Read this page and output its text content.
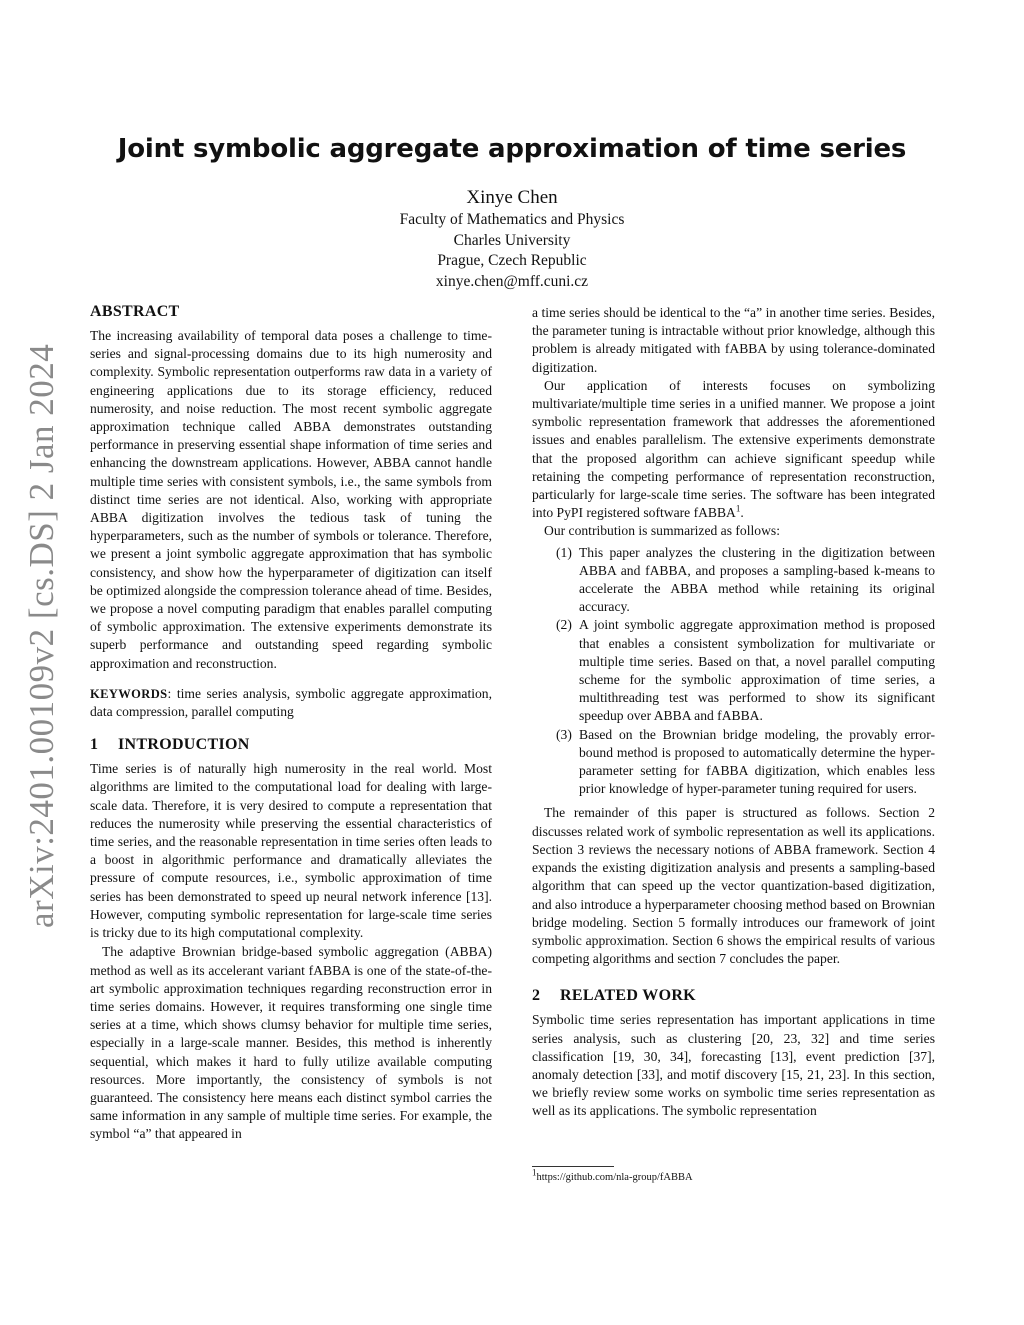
arXiv:2401.00109v2 [cs.DS] 2 Jan 2024
Joint symbolic aggregate approximation of time series
Xinye Chen
Faculty of Mathematics and Physics
Charles University
Prague, Czech Republic
xinye.chen@mff.cuni.cz
ABSTRACT

The increasing availability of temporal data poses a challenge to time-series and signal-processing domains due to its high numerosity and complexity. Symbolic representation outperforms raw data in a variety of engineering applications due to its storage efficiency, reduced numerosity, and noise reduction. The most recent symbolic aggregate approximation technique called ABBA demonstrates outstanding performance in preserving essential shape information of time series and enhancing the downstream applications. However, ABBA cannot handle multiple time series with consistent symbols, i.e., the same symbols from distinct time series are not identical. Also, working with appropriate ABBA digitization involves the tedious task of tuning the hyperparameters, such as the number of symbols or tolerance. Therefore, we present a joint symbolic aggregate approximation that has symbolic consistency, and show how the hyperparameter of digitization can itself be optimized alongside the compression tolerance ahead of time. Besides, we propose a novel computing paradigm that enables parallel computing of symbolic approximation. The extensive experiments demonstrate its superb performance and outstanding speed regarding symbolic approximation and reconstruction.

KEYWORDS: time series analysis, symbolic aggregate approximation, data compression, parallel computing

1 INTRODUCTION

Time series is of naturally high numerosity in the real world. Most algorithms are limited to the computational load for dealing with large-scale data. Therefore, it is very desired to compute a representation that reduces the numerosity while preserving the essential characteristics of time series, and the reasonable representation in time series often leads to a boost in algorithmic performance and dramatically alleviates the pressure of compute resources, i.e., symbolic approximation of time series has been demonstrated to speed up neural network inference [13]. However, computing symbolic representation for large-scale time series is tricky due to its high computational complexity.

The adaptive Brownian bridge-based symbolic aggregation (ABBA) method as well as its accelerant variant fABBA is one of the state-of-the-art symbolic approximation techniques regarding reconstruction error in time series domains. However, it requires transforming one single time series at a time, which shows clumsy behavior for multiple time series, especially in a large-scale manner. Besides, this method is inherently sequential, which makes it hard to fully utilize available computing resources. More importantly, the consistency of symbols is not guaranteed. The consistency here means each distinct symbol carries the same information in any sample of multiple time series. For example, the symbol “a” that appeared in

a time series should be identical to the “a” in another time series. Besides, the parameter tuning is intractable without prior knowledge, although this problem is already mitigated with fABBA by using tolerance-dominated digitization.

Our application of interests focuses on symbolizing multivariate/multiple time series in a unified manner. We propose a joint symbolic representation framework that addresses the aforementioned issues and enables parallelism. The extensive experiments demonstrate that the proposed algorithm can achieve significant speedup while retaining the competing performance of representation reconstruction, particularly for large-scale time series. The software has been integrated into PyPI registered software fABBA$^1$.

Our contribution is summarized as follows:

(1) This paper analyzes the clustering in the digitization between ABBA and fABBA, and proposes a sampling-based k-means to accelerate the ABBA method while retaining its original accuracy.
(2) A joint symbolic aggregate approximation method is proposed that enables a consistent symbolization for multivariate or multiple time series. Based on that, a novel parallel computing scheme for the symbolic approximation of time series, a multithreading test was performed to show its significant speedup over ABBA and fABBA.
(3) Based on the Brownian bridge modeling, the provably error-bound method is proposed to automatically determine the hyper-parameter setting for fABBA digitization, which enables less prior knowledge of hyper-parameter tuning required for users.

The remainder of this paper is structured as follows. Section 2 discusses related work of symbolic representation as well its applications. Section 3 reviews the necessary notions of ABBA framework. Section 4 expands the existing digitization analysis and presents a sampling-based algorithm that can speed up the vector quantization-based digitization, and also introduce a hyperparameter choosing method based on Brownian bridge modeling. Section 5 formally introduces our framework of joint symbolic approximation. Section 6 shows the empirical results of various competing algorithms and section 7 concludes the paper.

2 RELATED WORK

Symbolic time series representation has important applications in time series analysis, such as clustering [20, 23, 32] and time series classification [19, 30, 34], forecasting [13], event prediction [37], anomaly detection [33], and motif discovery [15, 21, 23]. In this section, we briefly review some works on symbolic time series representation as well as its applications. The symbolic representation

$^1$https://github.com/nla-group/fABBA
